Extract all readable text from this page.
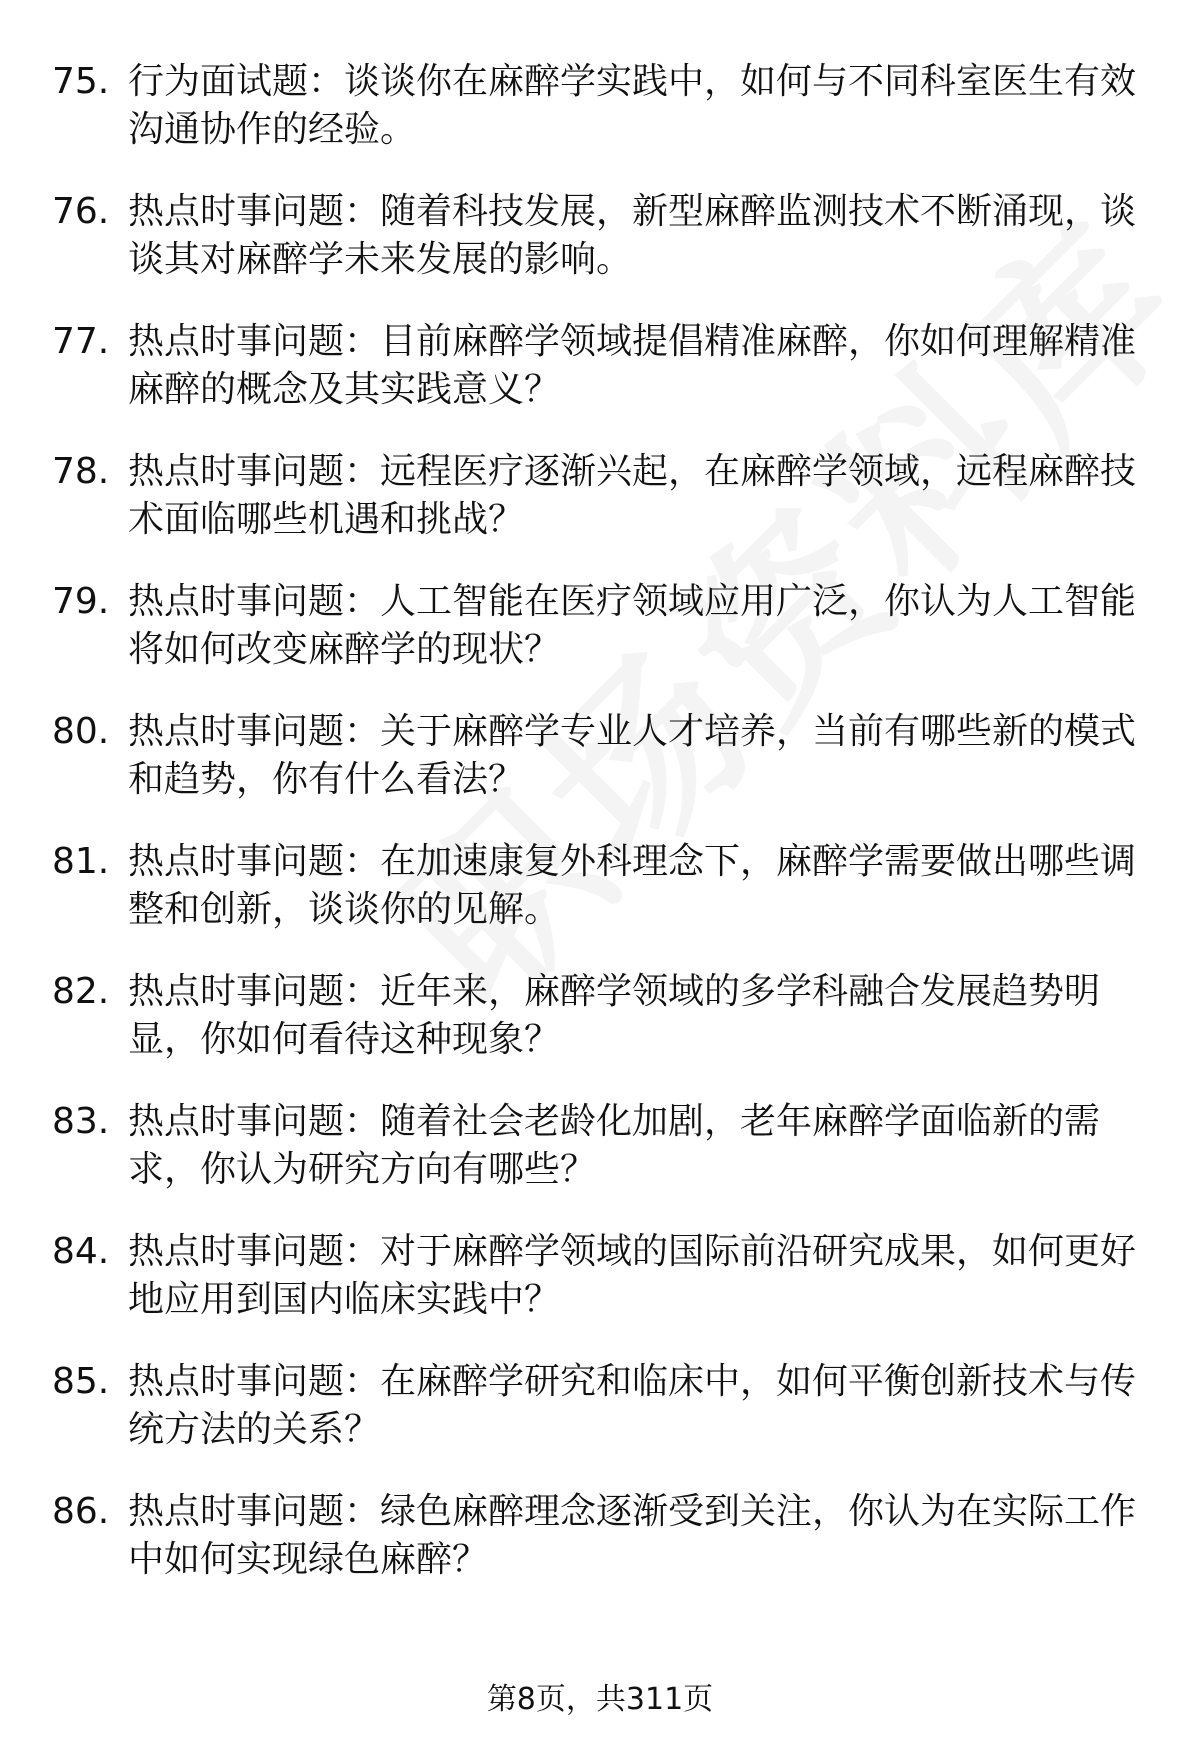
75. 行为面试题：谈谈你在麻醉学实践中，如何与不同科室医生有效沟通协作的经验。
76. 热点时事问题：随着科技发展，新型麻醉监测技术不断涌现，谈谈其对麻醉学未来发展的影响。
77. 热点时事问题：目前麻醉学领域提倡精准麻醉，你如何理解精准麻醉的概念及其实践意义？
78. 热点时事问题：远程医疗逐渐兴起，在麻醉学领域，远程麻醉技术面临哪些机遇和挑战？
79. 热点时事问题：人工智能在医疗领域应用广泛，你认为人工智能将如何改变麻醉学的现状？
80. 热点时事问题：关于麻醉学专业人才培养，当前有哪些新的模式和趋势，你有什么看法？
81. 热点时事问题：在加速康复外科理念下，麻醉学需要做出哪些调整和创新，谈谈你的见解。
82. 热点时事问题：近年来，麻醉学领域的多学科融合发展趋势明显，你如何看待这种现象？
83. 热点时事问题：随着社会老龄化加剧，老年麻醉学面临新的需求，你认为研究方向有哪些？
84. 热点时事问题：对于麻醉学领域的国际前沿研究成果，如何更好地应用到国内临床实践中？
85. 热点时事问题：在麻醉学研究和临床中，如何平衡创新技术与传统方法的关系？
86. 热点时事问题：绿色麻醉理念逐渐受到关注，你认为在实际工作中如何实现绿色麻醉？
第8页，共311页
